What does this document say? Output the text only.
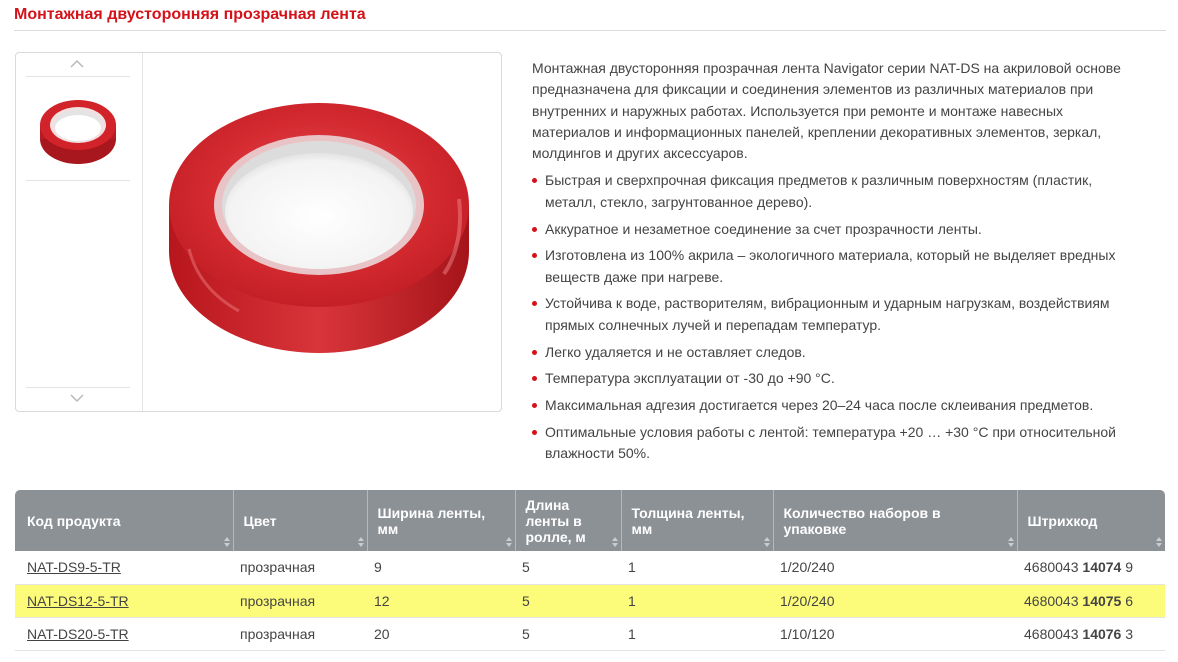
Монтажная двусторонняя прозрачная лента

Монтажная двусторонняя прозрачная лента Navigator серии NAT-DS на акриловой основе предназначена для фиксации и соединения элементов из различных материалов при внутренних и наружных работах. Используется при ремонте и монтаже навесных материалов и информационных панелей, креплении декоративных элементов, зеркал, молдингов и других аксессуаров.

Быстрая и сверхпрочная фиксация предметов к различным поверхностям (пластик, металл, стекло, загрунтованное дерево).
Аккуратное и незаметное соединение за счет прозрачности ленты.
Изготовлена из 100% акрила – экологичного материала, который не выделяет вредных веществ даже при нагреве.
Устойчива к воде, растворителям, вибрационным и ударным нагрузкам, воздействиям прямых солнечных лучей и перепадам температур.
Легко удаляется и не оставляет следов.
Температура эксплуатации от -30 до +90 °С.
Максимальная адгезия достигается через 20–24 часа после склеивания предметов.
Оптимальные условия работы с лентой: температура +20 … +30 °С при относительной влажности 50%.
Код продукта	Цвет	Ширина ленты, мм	Длина ленты в ролле, м	Толщина ленты, мм	Количество наборов в упаковке	Штрихкод

NAT-DS9-5-TR	прозрачная	9	5	1	1/20/240	4680043 14074 9
NAT-DS12-5-TR	прозрачная	12	5	1	1/20/240	4680043 14075 6
NAT-DS20-5-TR	прозрачная	20	5	1	1/10/120	4680043 14076 3
